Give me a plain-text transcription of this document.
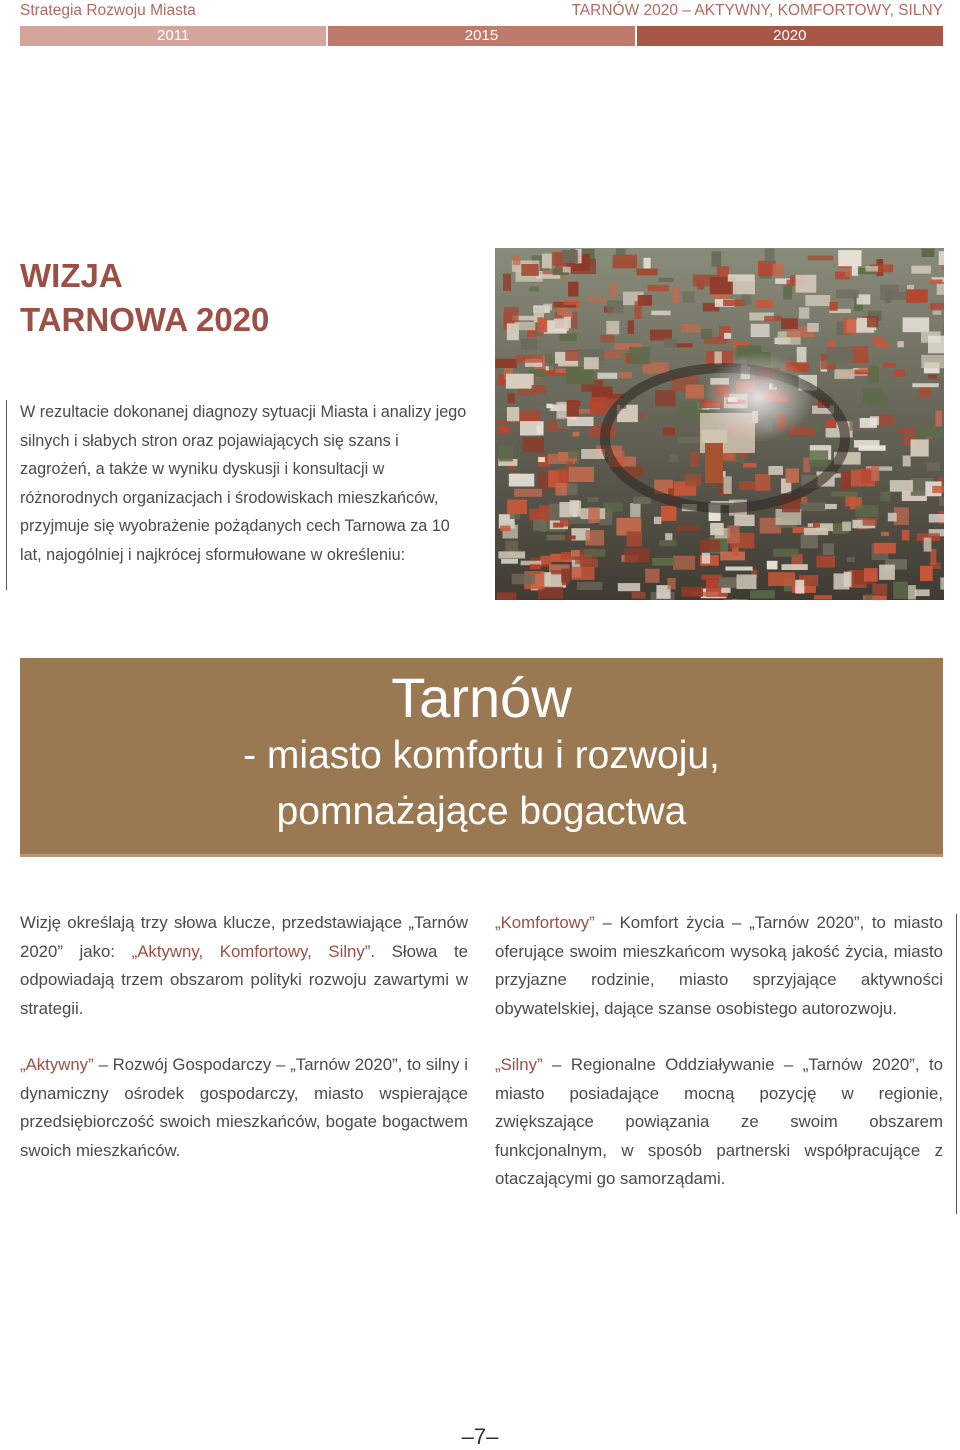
Strategia Rozwoju Miasta	TARNÓW 2020 – AKTYWNY, KOMFORTOWY, SILNY
2011	2015	2020
WIZJA
TARNOWA 2020

W rezultacie dokonanej diagnozy sytuacji Miasta i analizy jego silnych i słabych stron oraz pojawiających się szans i zagrożeń, a także w wyniku dyskusji i konsultacji w różnorodnych organizacjach i środowiskach mieszkańców, przyjmuje się wyobrażenie pożądanych cech Tarnowa za 10 lat, najogólniej i najkrócej sformułowane w określeniu:

Tarnów
- miasto komfortu i rozwoju,
pomnażające bogactwa

Wizję określają trzy słowa klucze, przedstawiające „Tarnów 2020” jako: „Aktywny, Komfortowy, Silny”. Słowa te odpowiadają trzem obszarom polityki rozwoju zawartymi w strategii.

„Aktywny” – Rozwój Gospodarczy – „Tarnów 2020”, to silny i dynamiczny ośrodek gospodarczy, miasto wspierające przedsiębiorczość swoich mieszkańców, bogate bogactwem swoich mieszkańców.

„Komfortowy” – Komfort życia – „Tarnów 2020”, to miasto oferujące swoim mieszkańcom wysoką jakość życia, miasto przyjazne rodzinie, miasto sprzyjające aktywności obywatelskiej, dające szanse osobistego autorozwoju.

„Silny” – Regionalne Oddziaływanie – „Tarnów 2020”, to miasto posiadające mocną pozycję w regionie, zwiększające powiązania ze swoim obszarem funkcjonalnym, w sposób partnerski współpracujące z otaczającymi go samorządami.

–7–
